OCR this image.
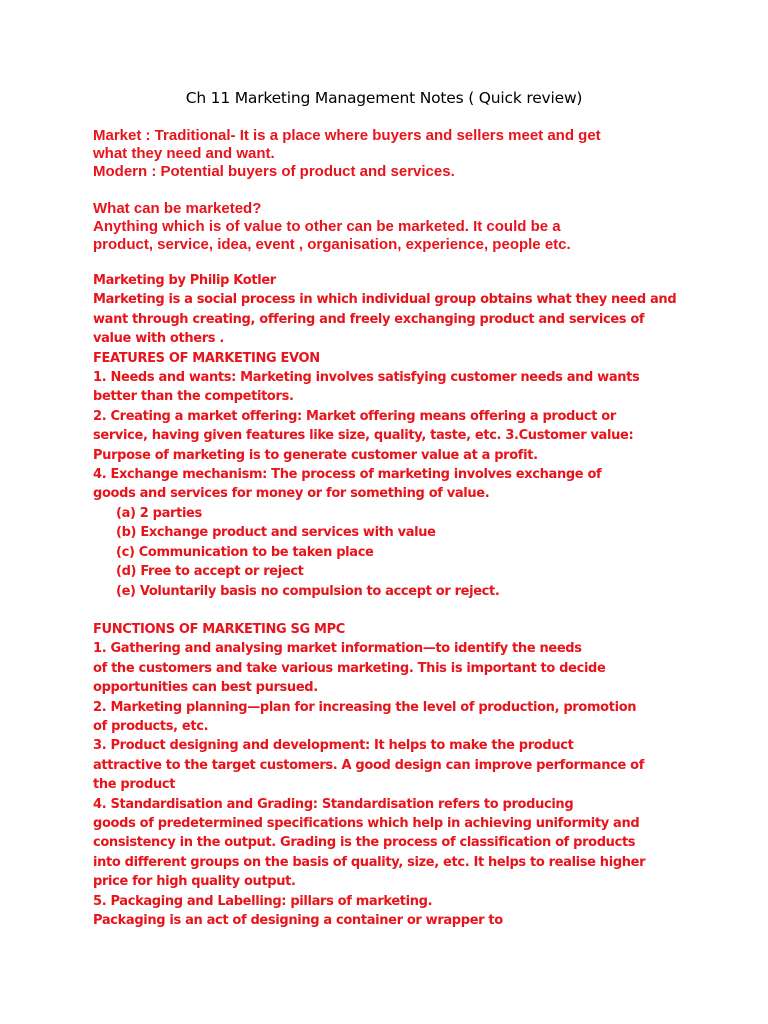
Ch 11 Marketing Management Notes ( Quick review)

Market : Traditional- It is a place where buyers and sellers meet and get

what they need and want.

Modern : Potential buyers of product and services.

What can be marketed?

Anything which is of value to other can be marketed. It could be a

product, service, idea, event , organisation, experience, people etc.

Marketing by Philip Kotler

Marketing is a social process in which individual group obtains what they need and

want through creating, offering and freely exchanging product and services of

value with others .

FEATURES OF MARKETING EVON

1. Needs and wants: Marketing involves satisfying customer needs and wants

better than the competitors.

2. Creating a market offering: Market offering means offering a product or

service, having given features like size, quality, taste, etc. 3.Customer value:

Purpose of marketing is to generate customer value at a profit.

4. Exchange mechanism: The process of marketing involves exchange of

goods and services for money or for something of value.

(a) 2 parties

(b) Exchange product and services with value

(c) Communication to be taken place

(d) Free to accept or reject

(e) Voluntarily basis no compulsion to accept or reject.

FUNCTIONS OF MARKETING SG MPC

1. Gathering and analysing market information—to identify the needs

of the customers and take various marketing. This is important to decide

opportunities can best pursued.

2. Marketing planning—plan for increasing the level of production, promotion

of products, etc.

3. Product designing and development: It helps to make the product

attractive to the target customers. A good design can improve performance of

the product

4. Standardisation and Grading: Standardisation refers to producing

goods of predetermined specifications which help in achieving uniformity and

consistency in the output. Grading is the process of classification of products

into different groups on the basis of quality, size, etc. It helps to realise higher

price for high quality output.

5. Packaging and Labelling: pillars of marketing.

Packaging is an act of designing a container or wrapper to
